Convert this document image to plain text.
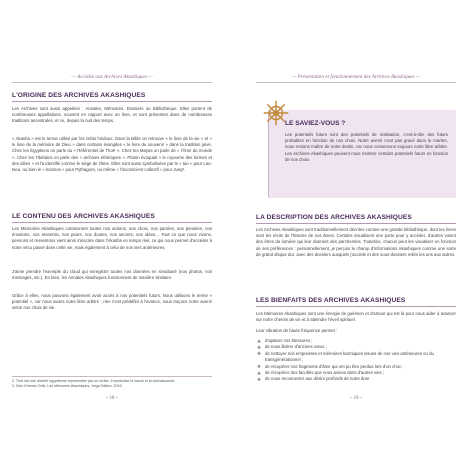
— Accédez aux Archives Akashiques —
L'ORIGINE DES ARCHIVES AKASHIQUES
Les Archives sont aussi appelées : Annales, Mémoires, Dossiers ou Bibliothèque. Elles portent de nombreuses appellations, souvent en rapport avec un livre, et sont présentes dans de nombreuses traditions ancestrales, et ce, depuis la nuit des temps.
« Akasha » est le terme utilisé par les rishis hindous. Dans la Bible on retrouve « le livre de la vie » et « le livre de la mémoire de Dieu » dans certains évangiles « le livre du souvenir » dans la tradition juive. Chez les Égyptiens on parle du « Référentiel de Thot² ». Chez les Mayas on parle de « l'Âme du monde ». Chez les Tibétains on parle des « archives éthériques ». Platon évoquait « le royaume des formes et des idées » et l'a identifié comme le siège de l'âme. Elles sont aussi symbolisées par le « tao » pour Lao-tseu, ou bien le « kosmos » pour Pythagore, ou même « l'inconscient collectif » pour Jung³.
LE CONTENU DES ARCHIVES AKASHIQUES
Les Mémoires Akashiques contiennent toutes nos actions, nos choix, nos paroles, nos pensées, nos émotions, nos ressentis, nos peurs, nos doutes, nos secrets, nos idées… Tout ce que nous vivons, pensons et ressentons vient ainsi s'inscrire dans l'Akasha en temps réel, ce qui nous permet d'accéder à notre vécu passé dans cette vie, mais également à celui de nos vies antérieures.
J'aime prendre l'exemple du cloud qui enregistre toutes nos données en simultané (nos photos, nos messages, etc.). En bien, les Annales Akashiques fonctionnent de manière similaire.
Grâce à elles, nous pouvons également avoir accès à nos potentiels futurs. Nous utilisons le terme « potentiel », car nous avons notre libre arbitre ; rien n'est prédéfini à l'avance, nous traçons notre avenir selon nos choix de vie.
2. Thot est une divinité égyptienne représentée par un scribe. Il symbolise le savoir et la connaissance.
3. Dion Ernesto Ortiz, Les Mémoires Akashiques, Vega Edition, 2016.
~ 18 ~
— Présentation et fonctionnement des Archives Akashiques —
LE SAVIEZ-VOUS ?
Les potentiels futurs sont des potentiels de réalisation, c'est-à-dire des futurs probables en fonction de nos choix. Notre avenir n'est pas gravé dans le marbre, nous restons maître de notre destin, car nous conservons toujours notre libre arbitre. Les Archives Akashiques peuvent nous montrer certains potentiels futurs en fonction de nos choix.
LA DESCRIPTION DES ARCHIVES AKASHIQUES
Les Archives Akashiques sont traditionnellement décrites comme une grande bibliothèque, dont les livres sont les récits de l'histoire de nos âmes. Certains visualisent une porte pour y accéder, d'autres voient des êtres de lumière qui leur donnent des parchemins. Toutefois, chacun peut les visualiser en fonction de ses préférences : personnellement, je perçois le champ d'informations Akashiques comme une sorte de grand disque dur, avec des dossiers auxquels j'accède et des sous-dossiers reliés les uns aux autres.
LES BIENFAITS DES ARCHIVES AKASHIQUES
Les Mémoires Akashiques sont une énergie de guérison et d'amour qui est là pour nous aider à avancer sur notre chemin de vie et à atteindre l'éveil spirituel.
Leur vibration de haute fréquence permet :
❖ d'apaiser nos blessures ;
❖ de nous libérer d'anciens vœux ;
❖ de nettoyer nos empreintes et mémoires karmiques issues de nos vies antérieures ou du transgénérationnel ;
❖ de récupérer nos fragments d'âme qui ont pu être perdus lors d'un choc ;
❖ de récupérer des facultés que nous avions dans d'autres vies ;
❖ de nous reconnecter aux désirs profonds de notre âme
~ 19 ~
